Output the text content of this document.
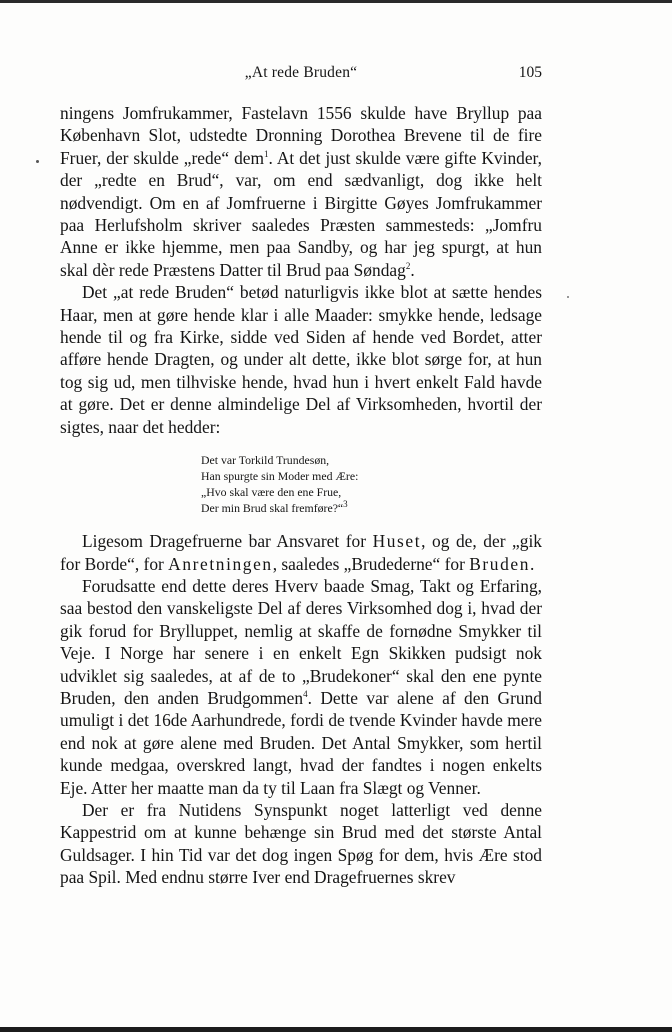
„At rede Bruden“	105

ningens Jomfrukammer, Fastelavn 1556 skulde have Bryllup paa København Slot, udstedte Dronning Dorothea Brevene til de fire Fruer, der skulde „rede“ dem$^1$. At det just skulde være gifte Kvinder, der „redte en Brud“, var, om end sædvanligt, dog ikke helt nødvendigt. Om en af Jomfruerne i Birgitte Gøyes Jomfrukammer paa Herlufsholm skriver saaledes Præsten sammesteds: „Jomfru Anne er ikke hjemme, men paa Sandby, og har jeg spurgt, at hun skal dèr rede Præstens Datter til Brud paa Søndag$^2$.

Det „at rede Bruden“ betød naturligvis ikke blot at sætte hendes Haar, men at gøre hende klar i alle Maader: smykke hende, ledsage hende til og fra Kirke, sidde ved Siden af hende ved Bordet, atter afføre hende Dragten, og under alt dette, ikke blot sørge for, at hun tog sig ud, men tilhviske hende, hvad hun i hvert enkelt Fald havde at gøre. Det er denne almindelige Del af Virksomheden, hvortil der sigtes, naar det hedder:

Det var Torkild Trundesøn,
Han spurgte sin Moder med Ære:
„Hvo skal være den ene Frue,
Der min Brud skal fremføre?“$^3$

Ligesom Dragefruerne bar Ansvaret for Huset, og de, der „gik for Borde“, for Anretningen, saaledes „Brudederne“ for Bruden.

Forudsatte end dette deres Hverv baade Smag, Takt og Erfaring, saa bestod den vanskeligste Del af deres Virksomhed dog i, hvad der gik forud for Brylluppet, nemlig at skaffe de fornødne Smykker til Veje. I Norge har senere i en enkelt Egn Skikken pudsigt nok udviklet sig saaledes, at af de to „Brudekoner“ skal den ene pynte Bruden, den anden Brudgommen$^4$. Dette var alene af den Grund umuligt i det 16de Aarhundrede, fordi de tvende Kvinder havde mere end nok at gøre alene med Bruden. Det Antal Smykker, som hertil kunde medgaa, overskred langt, hvad der fandtes i nogen enkelts Eje. Atter her maatte man da ty til Laan fra Slægt og Venner.

Der er fra Nutidens Synspunkt noget latterligt ved denne Kappestrid om at kunne behænge sin Brud med det største Antal Guldsager. I hin Tid var det dog ingen Spøg for dem, hvis Ære stod paa Spil. Med endnu større Iver end Dragefruernes skrev
